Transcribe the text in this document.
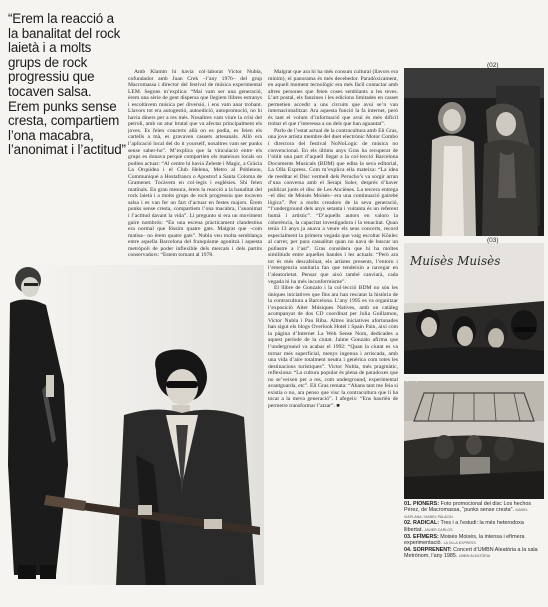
“Erem la reacció a la banalitat del rock laietà i a molts grups de rock progressiu que tocaven salsa. Erem punks sense cresta, compartiem l’ona macabra, l’anonimat i l’actitud”

Amb Klamm hi havia col·laborat Victor Nubla, cofundador amb Juan Crek –l’any 1976– del grup Macromassa i director del festival de música experimental LEM. Segons m’explica: “Mai vam ser una generació, èrem una sèrie de gent dispersa que llegiem llibres estranys i escoltàvem música per diversió, i ens vam anar trobant. Llavors tot era autogestió, autoedició, autopromoció, no hi havia diners per a res més. Nosaltres vam viure la crisi del petroli, amb un atur brutal que va afectar principalment els joves. Es feien concerts allà on es podia, es feien els cartells a mà, es gravaven cassets artesanals. Allò era l’aplicació local del do it yourself, nosaltres vam ser punks sense saber-ho”. M’explica que la vinculació entre els grups es donava perquè compartien els mateixos locals on podien actuar: “Al centre hi havia Zeleste i Magic, a Gràcia La Orquidea i el Club Helena, Metro al Poblenou, Communiqué a Hostafrancs o Apostrof a Santa Coloma de Gramenet. Tocàvem en col·legis i esglésies. Shi feien matínals. En gran mesura, èrem la reacció a la banalitat del rock laietà i a molts grups de rock progressiu que tocaven salsa i es van fer un fart d’actuar en festes majors. Èrem punks sense cresta, compartiem l’ona macabra, l’anonimat i l’actitud davant la vida”. Li pregunto si era un moviment gaire nombrós: “En una escena pràcticament clandestina era normal que fóssim quatre gats. Malgrat que –com matisa– no èrem quatre gats”. Nubla veu molta semblança entre aquella Barcelona del franquisme agonitzà i aquesta metròpoli de poder inflexible dels mercats i dels partits conservadors: “Estem tornant al 1978.

Malgrat que ara hi ha més consum cultural (llavors era mínim), el panorama és més decebedor. Paradòxicament, en aquell moment tecnològic era més fàcil contactar amb altres persones que feien coses semblants a les teves. L’art postal, els fanzines i les edicions limitades en casset permetien accedir a uns circuits que avui se’n van internacionalitzar. Ara aquesta funció la fa internet, però és tant el volum d’informació que avui és més difícil trobar el que t’interessa a un dels que han aguantat”.

Parlo de l’estat actual de la contracultura amb Eli Gras, una jove artista membre del duet electrònic Motor Combo i directora del festival NoNoLogic de música no convencional. En els últims anys Gras ha recuperat de l’oblit una part d’aquell llegat a la col·lecció Barcelona Documents Musicals (BDM) que edita la seva editorial, La Olla Express. Com m’explica ella mateixa: “La idea de reeditar el Disc vermell dels Perucho’s va sorgir arran d’una conversa amb el Serapi Soler, després d’haver publicat junts el disc de Les Anciènes. La tercera entrega –el disc de Moisès Moisès– era una continuació gairebé lògica”. Per a molts creadors de la seva generació, “l’underground dels anys setanta i vuitanta és un referent humà i artistic”. “D’aquells autors en valoro la coherència, la capacitat investigadora i la tenacitat. Quan tenia 13 anys ja anava a veure els seus concerts, record especialment la primera vegada que vaig escoltar Könlec al carrer, per pura casualitat quan no nava de buscar un pollastre a l’ast”. Gras considera que hi ha moltes similituds entre aquelles bandes i les actuals: “Però ara tot és més descafeïnat, els artistes presents, l’entorn i l’emergencia sanitaria fan que tendeixin a navegar en l’aleatorietat. Pensar que això també canviarà, cada vegada hi ha més inconformisme”.

El llibre de Gonzalo i la col·lecció BDM no són les úniques iniciatives que fins ara han rescatat la història de la contracultura a Barcelona. L’any 1995 es va organitzar l’exposició Alter Músiques Natives, amb un catàleg acompanyat de dos CD coordinat per Julia Guillamon, Victor Nubla i Pau Riba. Altres iniciatives afortunades han sigut els blogs Overlook Hotel i Spain Pain, així com la pàgina d’Internet La Web Sense Nom, dedicades a aquest període de la ciutat. Jaime Gonzalo afirma que l’underground va acabar el 1992: “Quan la ciutat es va tornar més superficial, menys ingenua i arriscada, amb una vida d’aire totalment neutra i genèrica com totes les destinacions turístiques”. Victor Nubla, més pragmàtic, reflexiona: “La cultura popular és plena de paradoxes que no se’veixen per a res, com underground, experimental avantguarda, etc”. Eli Gras remata: “Abans tant me feia si existia o no, ara penso que visc la contracultura que li ha tocat a la meva generació”. I afegeix: “Ens haurièn de permetre transformar l’atzar”. ■

(01)
(02)
Muisès Muisès
(03)
(04)
01. PIONERS: Foto promocional del disc Los hechos Pérez, de Macromassa, “punks sense cresta”. MANEL VIAPLANA / MANEL PALACIN
02. RADICAL: Tres i a l’estudi: la més heterodoxa llibertat. JAVIER CARLOS
03. EFÍMERS: Moisès Moisès, la intensa i efímera experimentació. LA OLLA EXPRESS
04. SORPRENENT: Concert d’UMBN Aleatòria a la sala Metrònom, l’any 1985. UMBN ALEATÒRIA
